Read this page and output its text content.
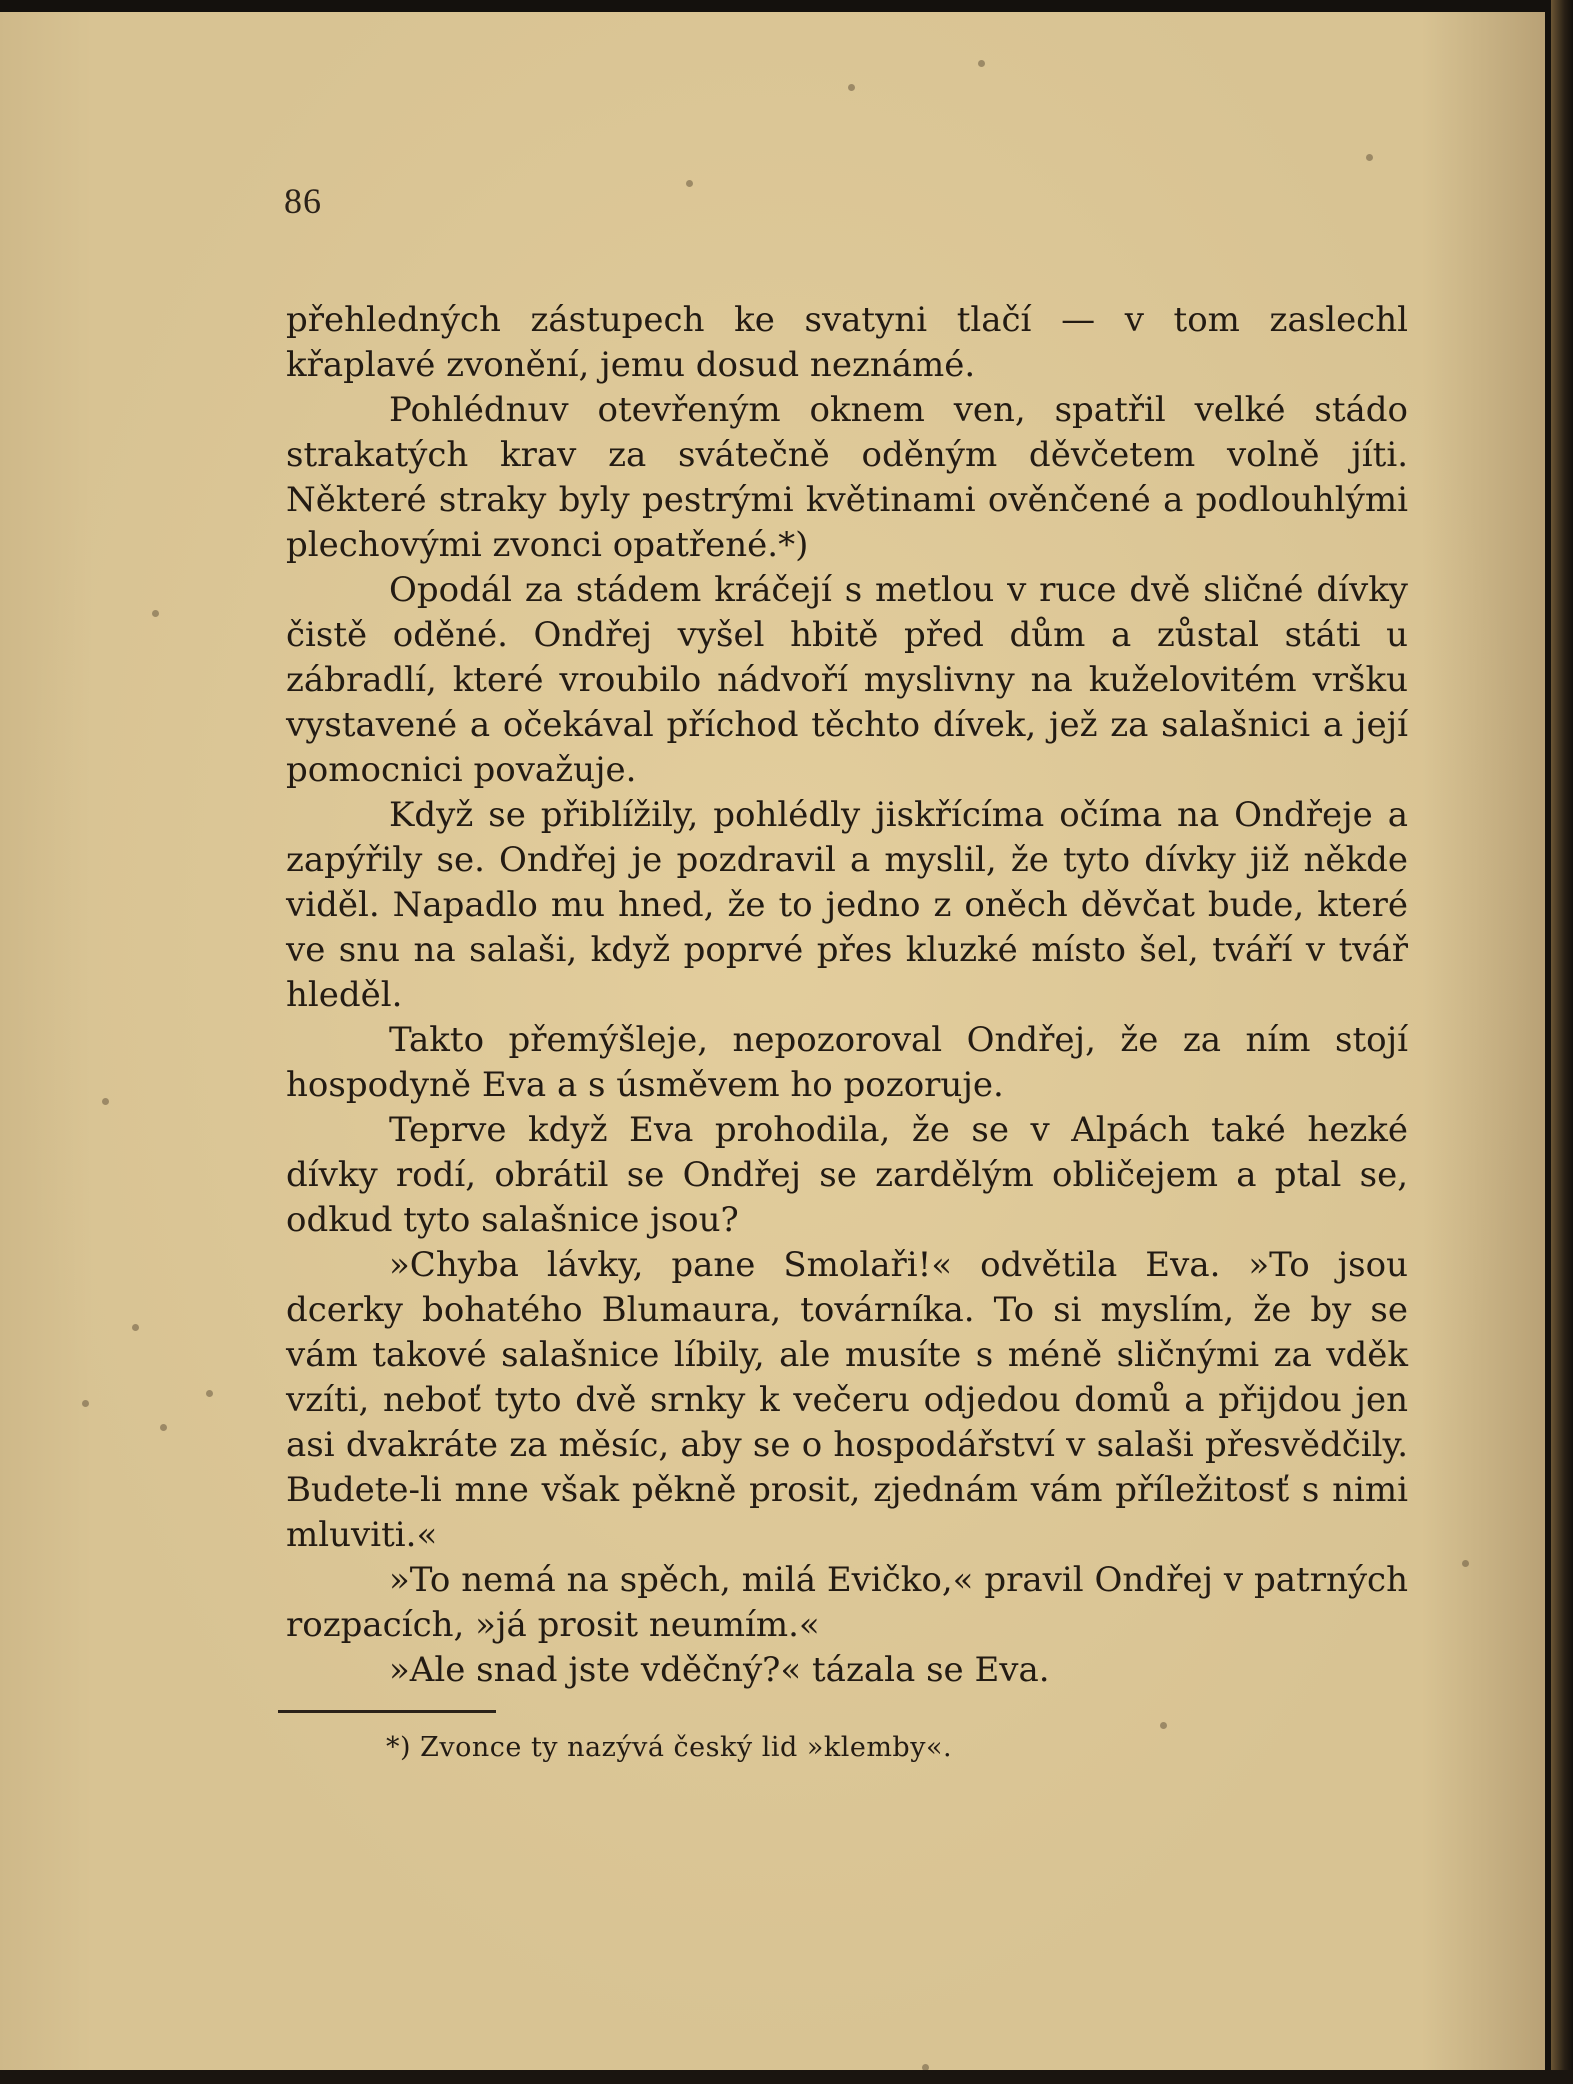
86

přehledných zástupech ke svatyni tlačí — v tom zaslechl křaplavé zvonění, jemu dosud neznámé.

Pohlédnuv otevřeným oknem ven, spatřil velké stádo strakatých krav za svátečně oděným děvčetem volně jíti. Některé straky byly pestrými květinami ověnčené a podlouhlými plechovými zvonci opatřené.*)

Opodál za stádem kráčejí s metlou v ruce dvě sličné dívky čistě oděné. Ondřej vyšel hbitě před dům a zůstal státi u zábradlí, které vroubilo nádvoří myslivny na kuželovitém vršku vystavené a očekával příchod těchto dívek, jež za salašnici a její pomocnici považuje.

Když se přiblížily, pohlédly jiskřícíma očíma na Ondřeje a zapýřily se. Ondřej je pozdravil a myslil, že tyto dívky již někde viděl. Napadlo mu hned, že to jedno z oněch děvčat bude, které ve snu na salaši, když poprvé přes kluzké místo šel, tváří v tvář hleděl.

Takto přemýšleje, nepozoroval Ondřej, že za ním stojí hospodyně Eva a s úsměvem ho pozoruje.

Teprve když Eva prohodila, že se v Alpách také hezké dívky rodí, obrátil se Ondřej se zardělým obličejem a ptal se, odkud tyto salašnice jsou?

»Chyba lávky, pane Smolaři!« odvětila Eva. »To jsou dcerky bohatého Blumaura, továrníka. To si myslím, že by se vám takové salašnice líbily, ale musíte s méně sličnými za vděk vzíti, neboť tyto dvě srnky k večeru odjedou domů a přijdou jen asi dvakráte za měsíc, aby se o hospodářství v salaši přesvědčily. Budete-li mne však pěkně prosit, zjednám vám příležitosť s nimi mluviti.«

»To nemá na spěch, milá Evičko,« pravil Ondřej v patrných rozpacích, »já prosit neumím.«

»Ale snad jste vděčný?« tázala se Eva.

*) Zvonce ty nazývá český lid »klemby«.
